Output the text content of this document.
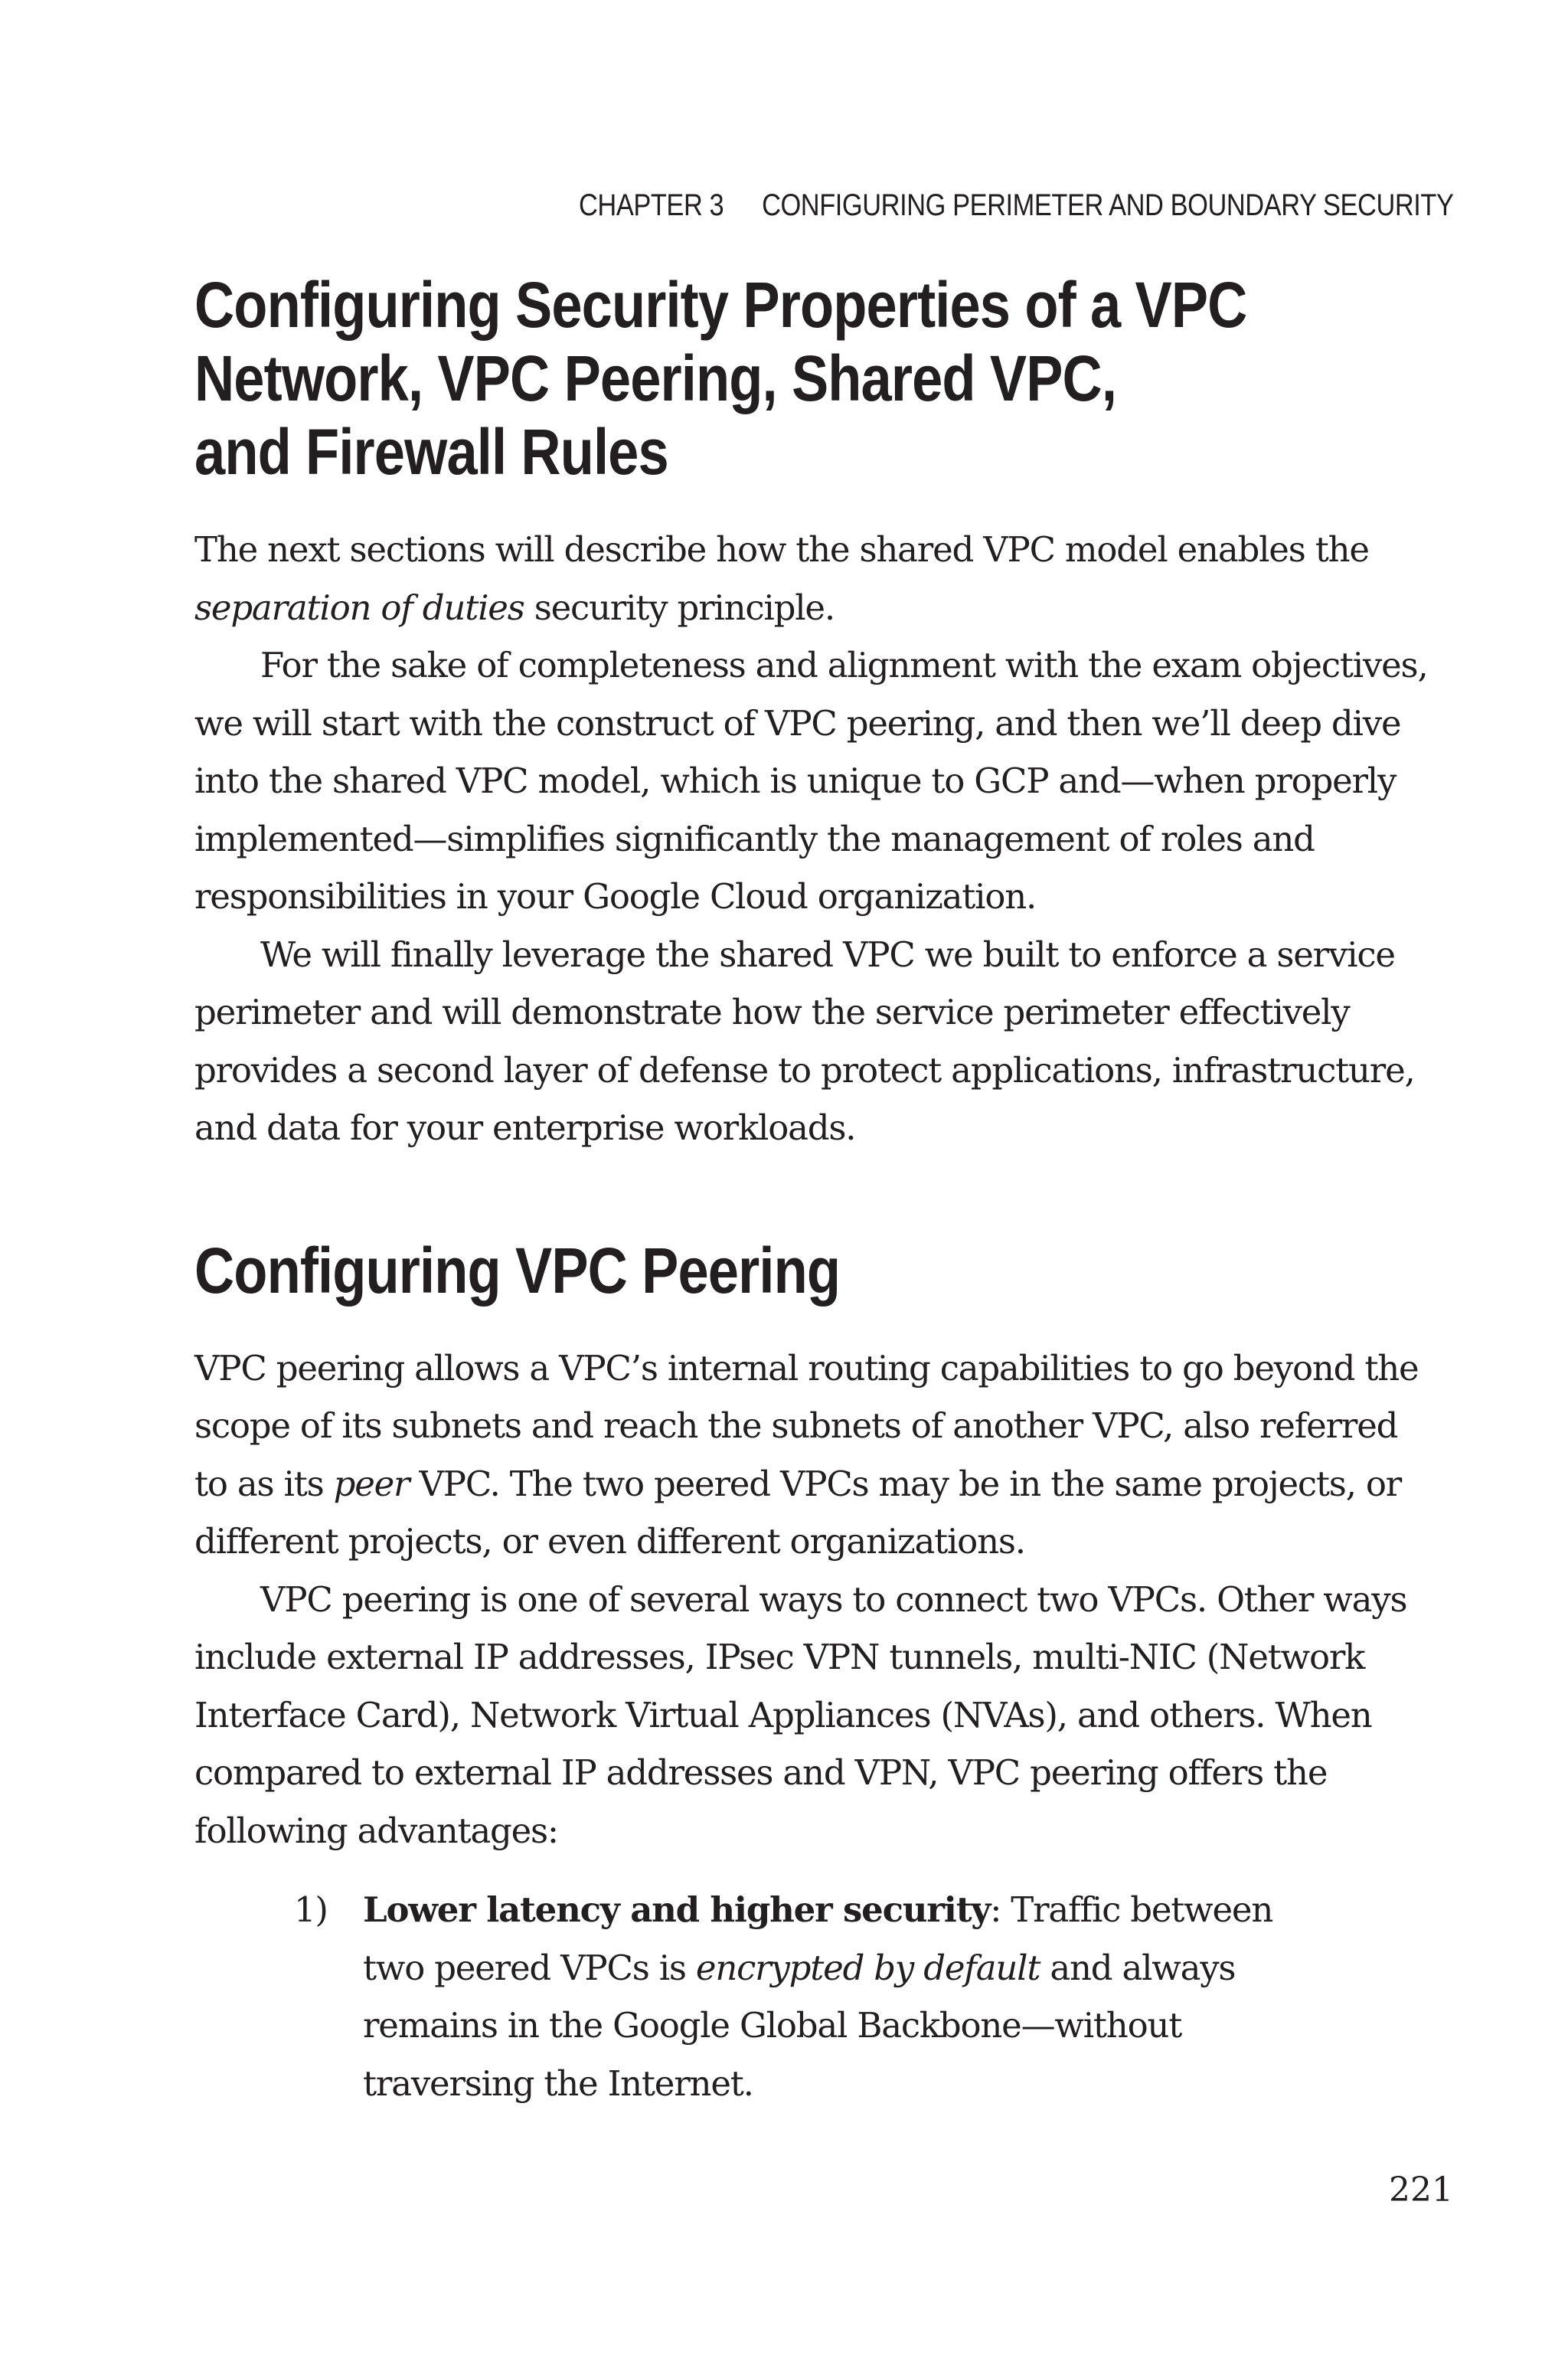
CHAPTER 3 CONFIGURING PERIMETER AND BOUNDARY SECURITY
Configuring Security Properties of a VPC
Network, VPC Peering, Shared VPC,
and Firewall Rules
The next sections will describe how the shared VPC model enables the
separation of duties security principle.
For the sake of completeness and alignment with the exam objectives,
we will start with the construct of VPC peering, and then we’ll deep dive
into the shared VPC model, which is unique to GCP and—when properly
implemented—simplifies significantly the management of roles and
responsibilities in your Google Cloud organization.
We will finally leverage the shared VPC we built to enforce a service
perimeter and will demonstrate how the service perimeter effectively
provides a second layer of defense to protect applications, infrastructure,
and data for your enterprise workloads.
Configuring VPC Peering
VPC peering allows a VPC’s internal routing capabilities to go beyond the
scope of its subnets and reach the subnets of another VPC, also referred
to as its peer VPC. The two peered VPCs may be in the same projects, or
different projects, or even different organizations.
VPC peering is one of several ways to connect two VPCs. Other ways
include external IP addresses, IPsec VPN tunnels, multi-NIC (Network
Interface Card), Network Virtual Appliances (NVAs), and others. When
compared to external IP addresses and VPN, VPC peering offers the
following advantages:
1) Lower latency and higher security: Traffic between
two peered VPCs is encrypted by default and always
remains in the Google Global Backbone—without
traversing the Internet.
221
